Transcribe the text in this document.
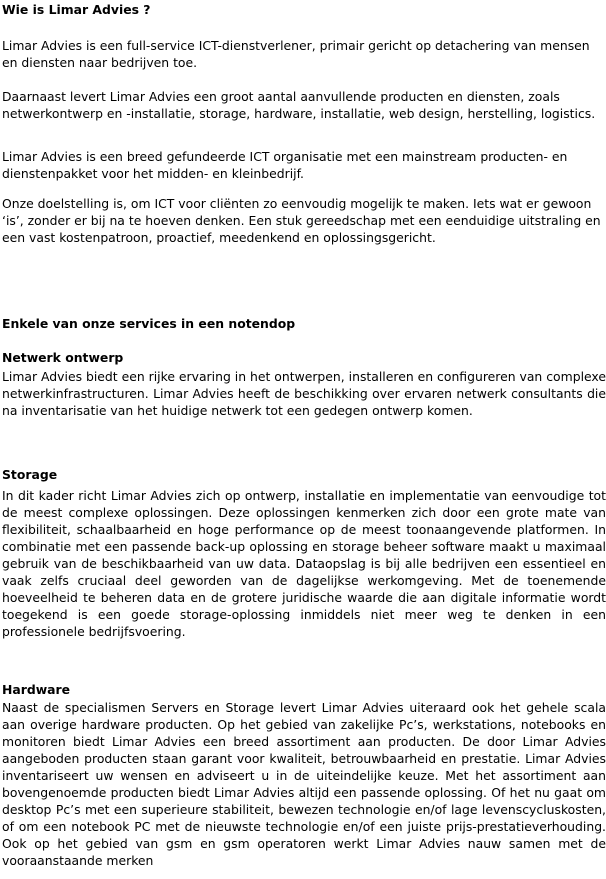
Wie is Limar Advies ?

Limar Advies is een full-service ICT-dienstverlener, primair gericht op detachering van mensen en diensten naar bedrijven toe.

Daarnaast levert Limar Advies een groot aantal aanvullende producten en diensten, zoals netwerkontwerp en -installatie, storage, hardware, installatie, web design, herstelling, logistics.

Limar Advies is een breed gefundeerde ICT organisatie met een mainstream producten- en dienstenpakket voor het midden- en kleinbedrijf.

Onze doelstelling is, om ICT voor cliënten zo eenvoudig mogelijk te maken. Iets wat er gewoon ‘is’, zonder er bij na te hoeven denken. Een stuk gereedschap met een eenduidige uitstraling en een vast kostenpatroon, proactief, meedenkend en oplossingsgericht.

Enkele van onze services in een notendop
Netwerk ontwerp

Limar Advies biedt een rijke ervaring in het ontwerpen, installeren en configureren van complexe netwerkinfrastructuren. Limar Advies heeft de beschikking over ervaren netwerk consultants die na inventarisatie van het huidige netwerk tot een gedegen ontwerp komen.

Storage

In dit kader richt Limar Advies zich op ontwerp, installatie en implementatie van eenvoudige tot de meest complexe oplossingen. Deze oplossingen kenmerken zich door een grote mate van flexibiliteit, schaalbaarheid en hoge performance op de meest toonaangevende platformen. In combinatie met een passende back-up oplossing en storage beheer software maakt u maximaal gebruik van de beschikbaarheid van uw data. Dataopslag is bij alle bedrijven een essentieel en vaak zelfs cruciaal deel geworden van de dagelijkse werkomgeving. Met de toenemende hoeveelheid te beheren data en de grotere juridische waarde die aan digitale informatie wordt toegekend is een goede storage-oplossing inmiddels niet meer weg te denken in een professionele bedrijfsvoering.

Hardware

Naast de specialismen Servers en Storage levert Limar Advies uiteraard ook het gehele scala aan overige hardware producten. Op het gebied van zakelijke Pc’s, werkstations, notebooks en monitoren biedt Limar Advies een breed assortiment aan producten. De door Limar Advies aangeboden producten staan garant voor kwaliteit, betrouwbaarheid en prestatie. Limar Advies inventariseert uw wensen en adviseert u in de uiteindelijke keuze. Met het assortiment aan bovengenoemde producten biedt Limar Advies altijd een passende oplossing. Of het nu gaat om desktop Pc’s met een superieure stabiliteit, bewezen technologie en/of lage levenscycluskosten, of om een notebook PC met de nieuwste technologie en/of een juiste prijs-prestatieverhouding. Ook op het gebied van gsm en gsm operatoren werkt Limar Advies nauw samen met de vooraanstaande merken
